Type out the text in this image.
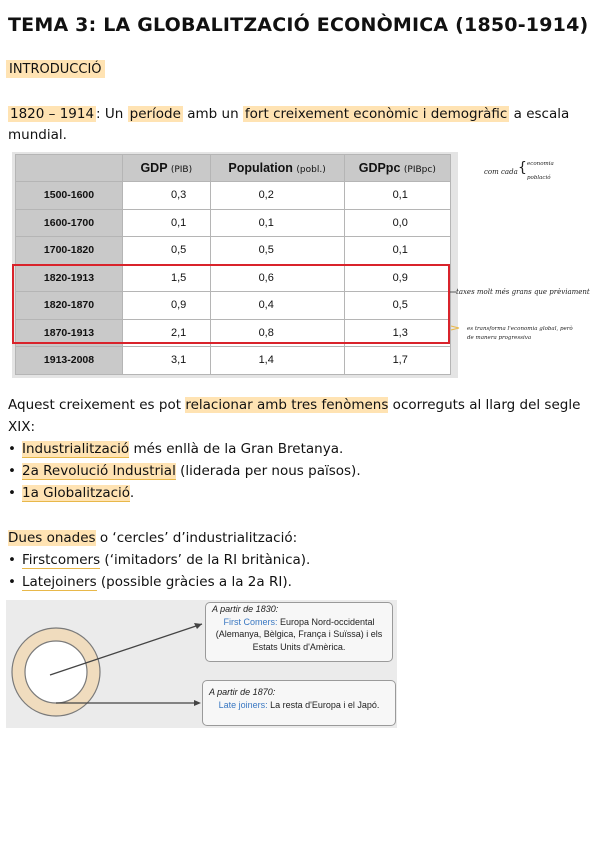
TEMA 3: LA GLOBALITZACIÓ ECONÒMICA (1850-1914)
INTRODUCCIÓ
1820 – 1914 : Un període amb un fort creixement econòmic i demogràfic a escala mundial.
	GDP (PIB)	Population (pobl.)	GDPpc (PIBpc)
1500-1600	0,3	0,2	0,1
1600-1700	0,1	0,1	0,0
1700-1820	0,5	0,5	0,1
1820-1913	1,5	0,6	0,9
1820-1870	0,9	0,4	0,5
1870-1913	2,1	0,8	1,3
1913-2008	3,1	1,4	1,7
com cada { economia
població
taxes molt més grans que prèviament
es transforma l'economia global, però
de manera progressiva
Aquest creixement es pot relacionar amb tres fenòmens ocorreguts al llarg del segle XIX:
• Industrialització més enllà de la Gran Bretanya.
• 2a Revolució Industrial (liderada per nous països).
• 1a Globalització.
Dues onades o ‘cercles’ d’industrialització:
• Firstcomers (‘imitadors’ de la RI britànica).
• Latejoiners (possible gràcies a la 2a RI).
A partir de 1830:
First Comers: Europa Nord-occidental
(Alemanya, Bèlgica, França i Suïssa) i els
Estats Units d'Amèrica.
A partir de 1870:
Late joiners: La resta d'Europa i el Japó.
